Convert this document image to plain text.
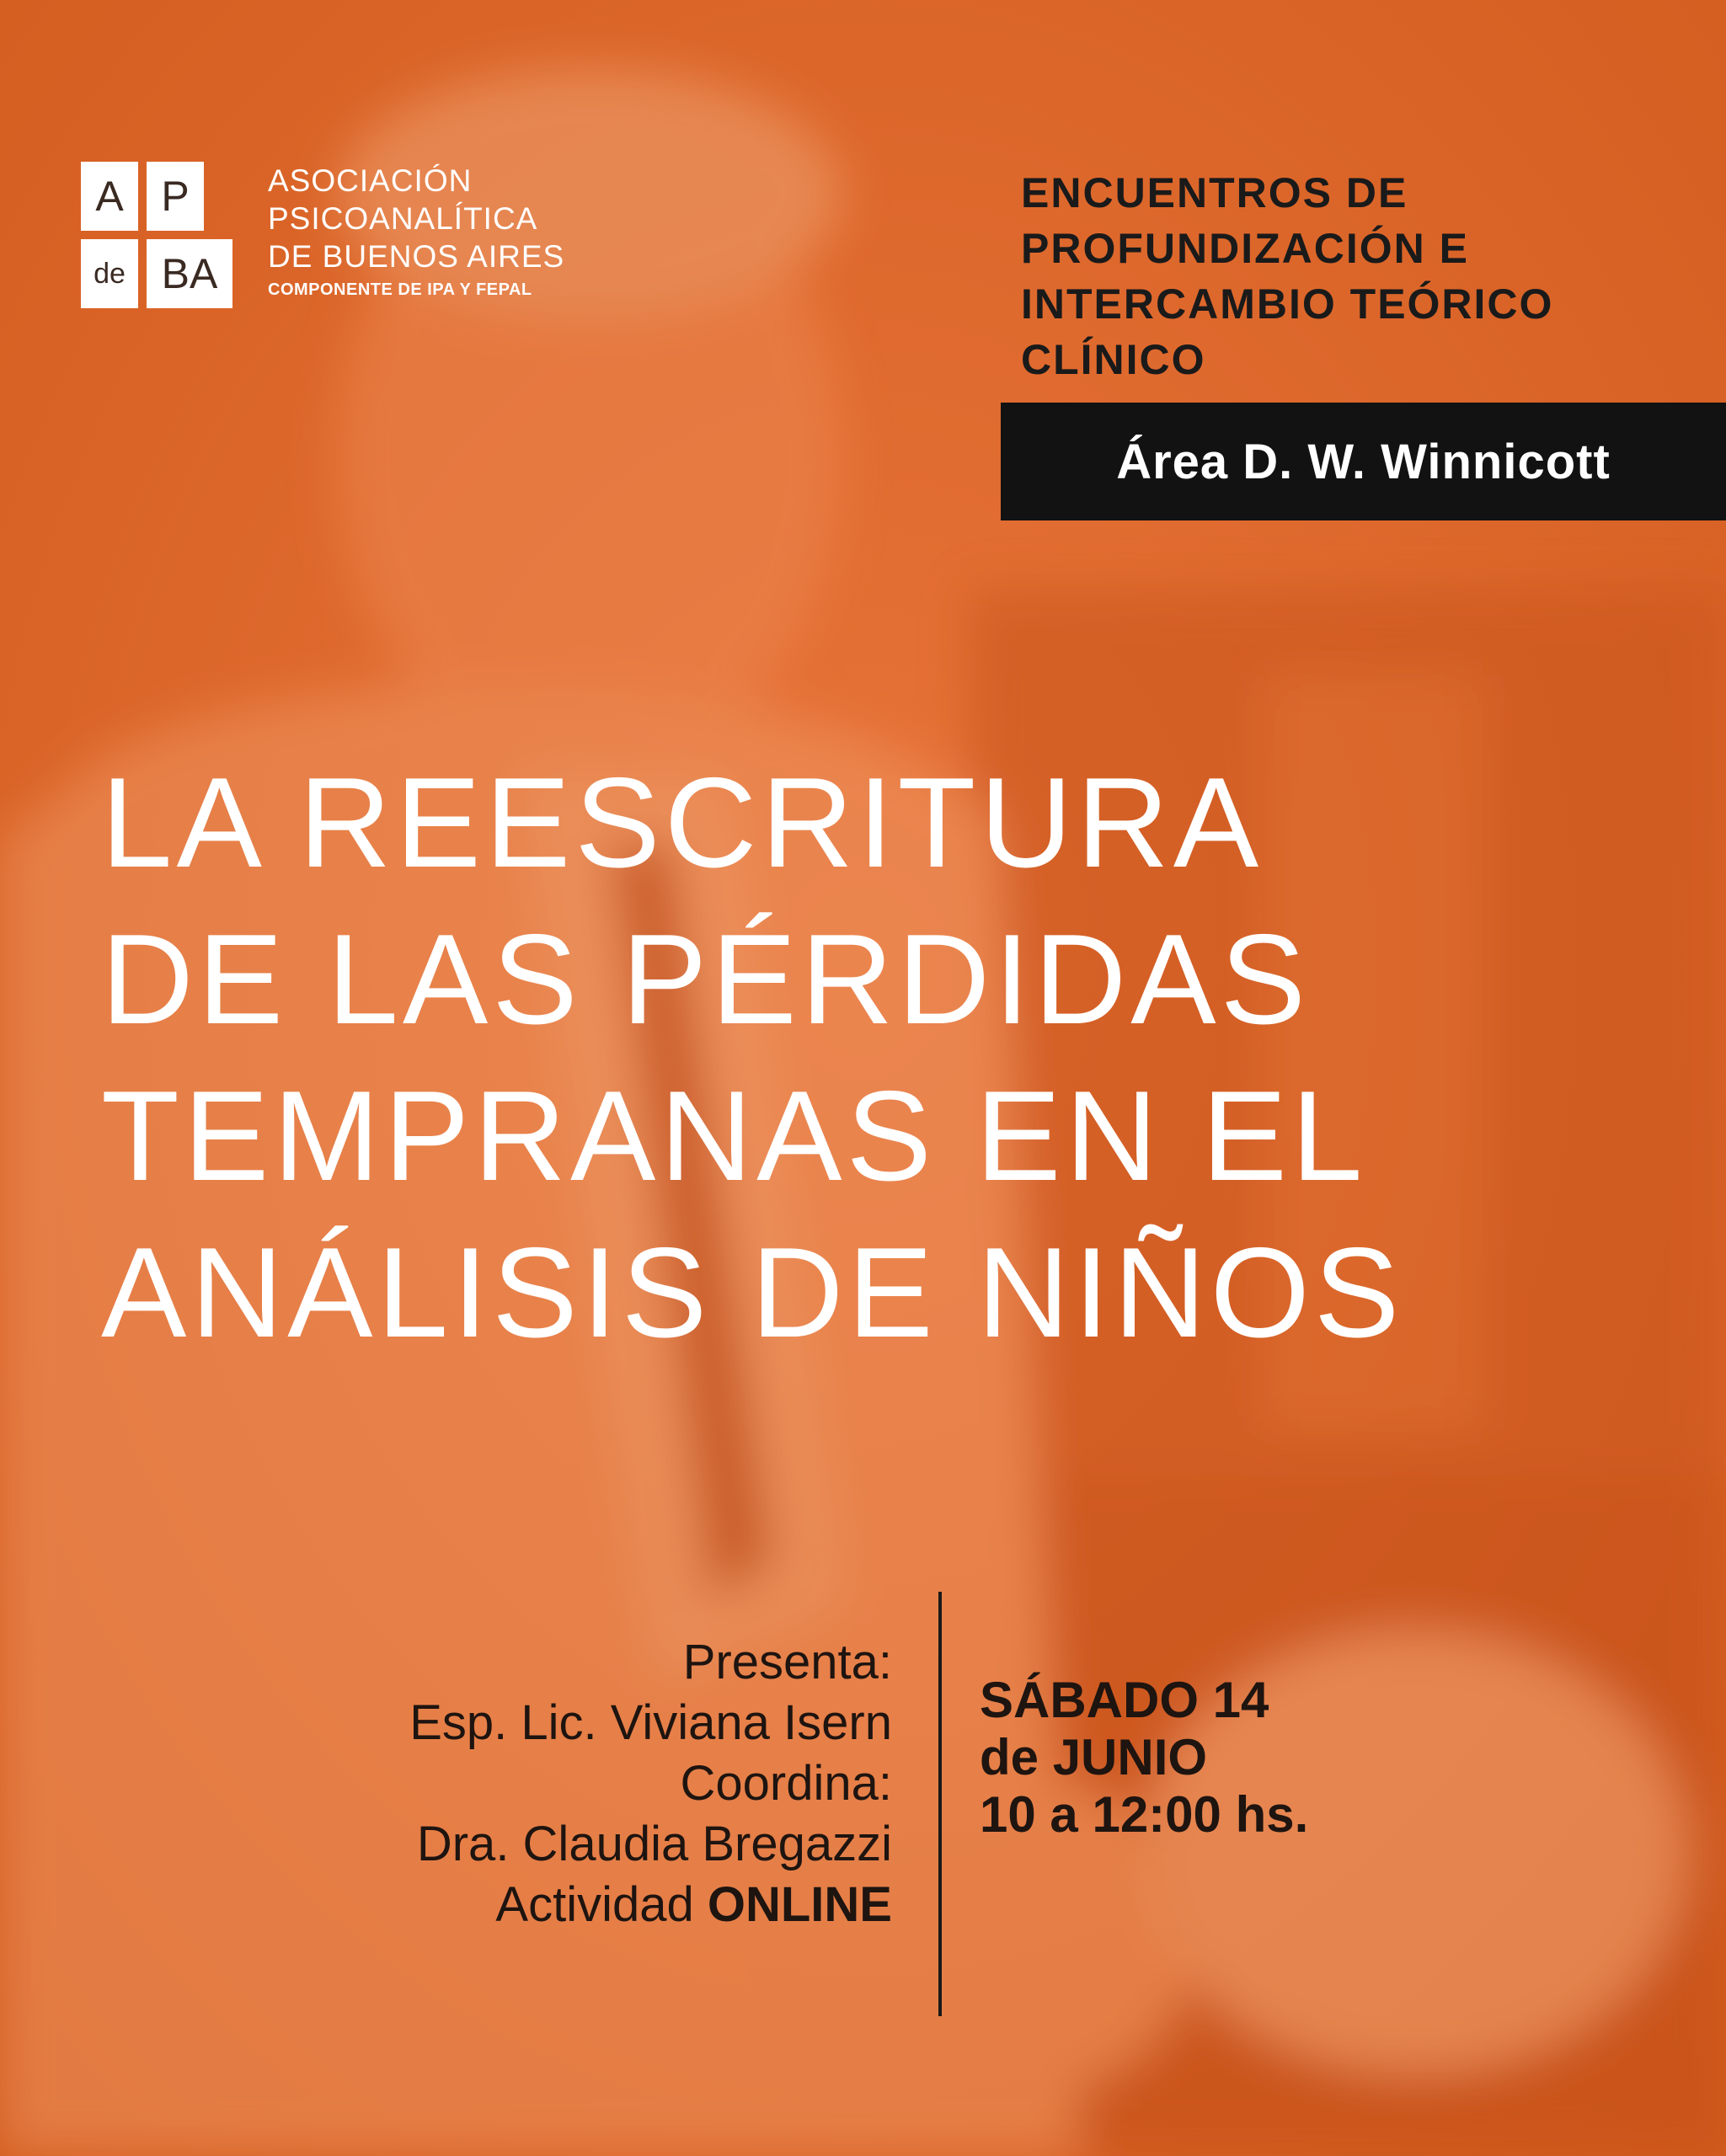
A P
de BA
ASOCIACIÓN
PSICOANALÍTICA
DE BUENOS AIRES
COMPONENTE DE IPA Y FEPAL
ENCUENTROS DE
PROFUNDIZACIÓN E
INTERCAMBIO TEÓRICO
CLÍNICO
Área D. W. Winnicott
LA REESCRITURA
DE LAS PÉRDIDAS
TEMPRANAS EN EL
ANÁLISIS DE NIÑOS
Presenta:
Esp. Lic. Viviana Isern
Coordina:
Dra. Claudia Bregazzi
Actividad ONLINE
SÁBADO 14
de JUNIO
10 a 12:00 hs.
